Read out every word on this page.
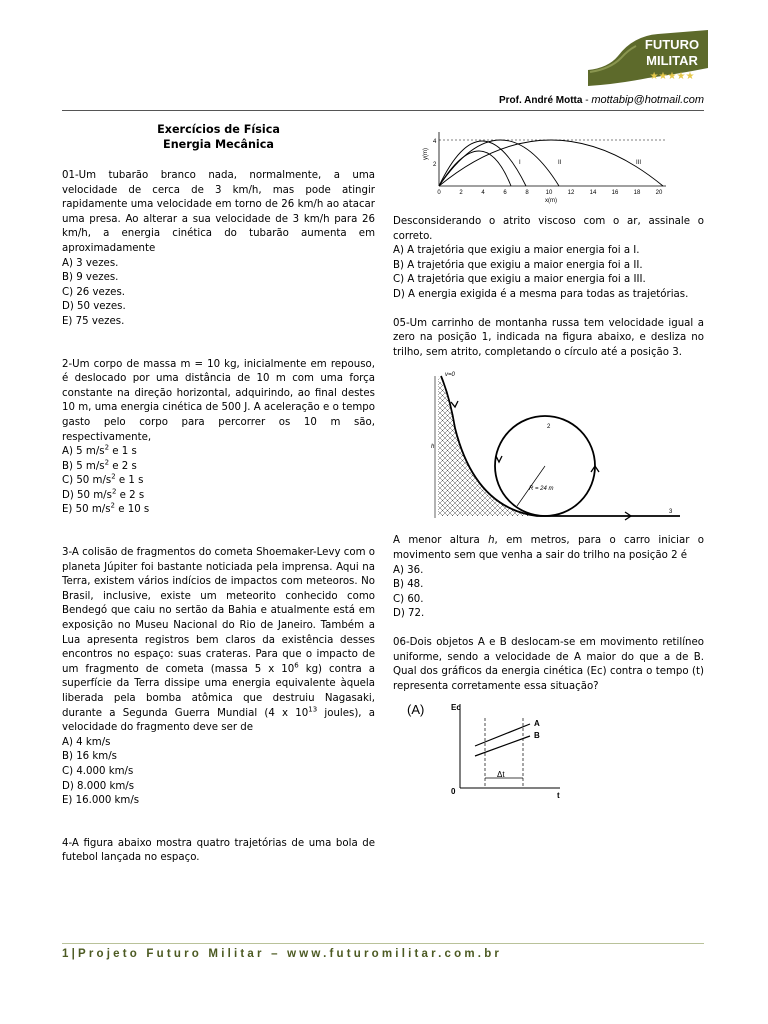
FUTURO
MILITAR
★★★★★
Prof. André Motta - mottabip@hotmail.com
Exercícios de Física
Energia Mecânica

01-Um tubarão branco nada, normalmente, a uma velocidade de cerca de 3 km/h, mas pode atingir rapidamente uma velocidade em torno de 26 km/h ao atacar uma presa. Ao alterar a sua velocidade de 3 km/h para 26 km/h, a energia cinética do tubarão aumenta em aproximadamente

A) 3 vezes.

B) 9 vezes.

C) 26 vezes.

D) 50 vezes.

E) 75 vezes.

2-Um corpo de massa m = 10 kg, inicialmente em repouso, é deslocado por uma distância de 10 m com uma força constante na direção horizontal, adquirindo, ao final destes 10 m, uma energia cinética de 500 J. A aceleração e o tempo gasto pelo corpo para percorrer os 10 m são, respectivamente,

A) 5 $m/s^2$ e 1 s

B) 5 $m/s^2$ e 2 s

C) 50 $m/s^2$ e 1 s

D) 50 $m/s^2$ e 2 s

E) 50 $m/s^2$ e 10 s

3-A colisão de fragmentos do cometa Shoemaker-Levy com o planeta Júpiter foi bastante noticiada pela imprensa. Aqui na Terra, existem vários indícios de impactos com meteoros. No Brasil, inclusive, existe um meteorito conhecido como Bendegó que caiu no sertão da Bahia e atualmente está em exposição no Museu Nacional do Rio de Janeiro. Também a Lua apresenta registros bem claros da existência desses encontros no espaço: suas crateras. Para que o impacto de um fragmento de cometa (massa 5 x $10^6$ kg) contra a superfície da Terra dissipe uma energia equivalente àquela liberada pela bomba atômica que destruiu Nagasaki, durante a Segunda Guerra Mundial (4 x $10^{13}$ joules), a velocidade do fragmento deve ser de

A) 4 km/s

B) 16 km/s

C) 4.000 km/s

D) 8.000 km/s

E) 16.000 km/s

4-A figura abaixo mostra quatro trajetórias de uma bola de futebol lançada no espaço.

y(m)
4
2	I	II	III
0	2	4	6	8	10	12	14	16	18	20
x(m)

Desconsiderando o atrito viscoso com o ar, assinale o correto.

A) A trajetória que exigiu a maior energia foi a I.

B) A trajetória que exigiu a maior energia foi a II.

C) A trajetória que exigiu a maior energia foi a III.

D) A energia exigida é a mesma para todas as trajetórias.

05-Um carrinho de montanha russa tem velocidade igual a zero na posição 1, indicada na figura abaixo, e desliza no trilho, sem atrito, completando o círculo até a posição 3.

h
R = 24 m
v=0
2
3

A menor altura h, em metros, para o carro iniciar o movimento sem que venha a sair do trilho na posição 2 é

A) 36.

B) 48.

C) 60.

D) 72.

06-Dois objetos A e B deslocam-se em movimento retilíneo uniforme, sendo a velocidade de A maior do que a de B. Qual dos gráficos da energia cinética (Ec) contra o tempo (t) representa corretamente essa situação?

(A)	Eᴄ
0	t
A
B
Δt
1|Projeto Futuro Militar – www.futuromilitar.com.br
